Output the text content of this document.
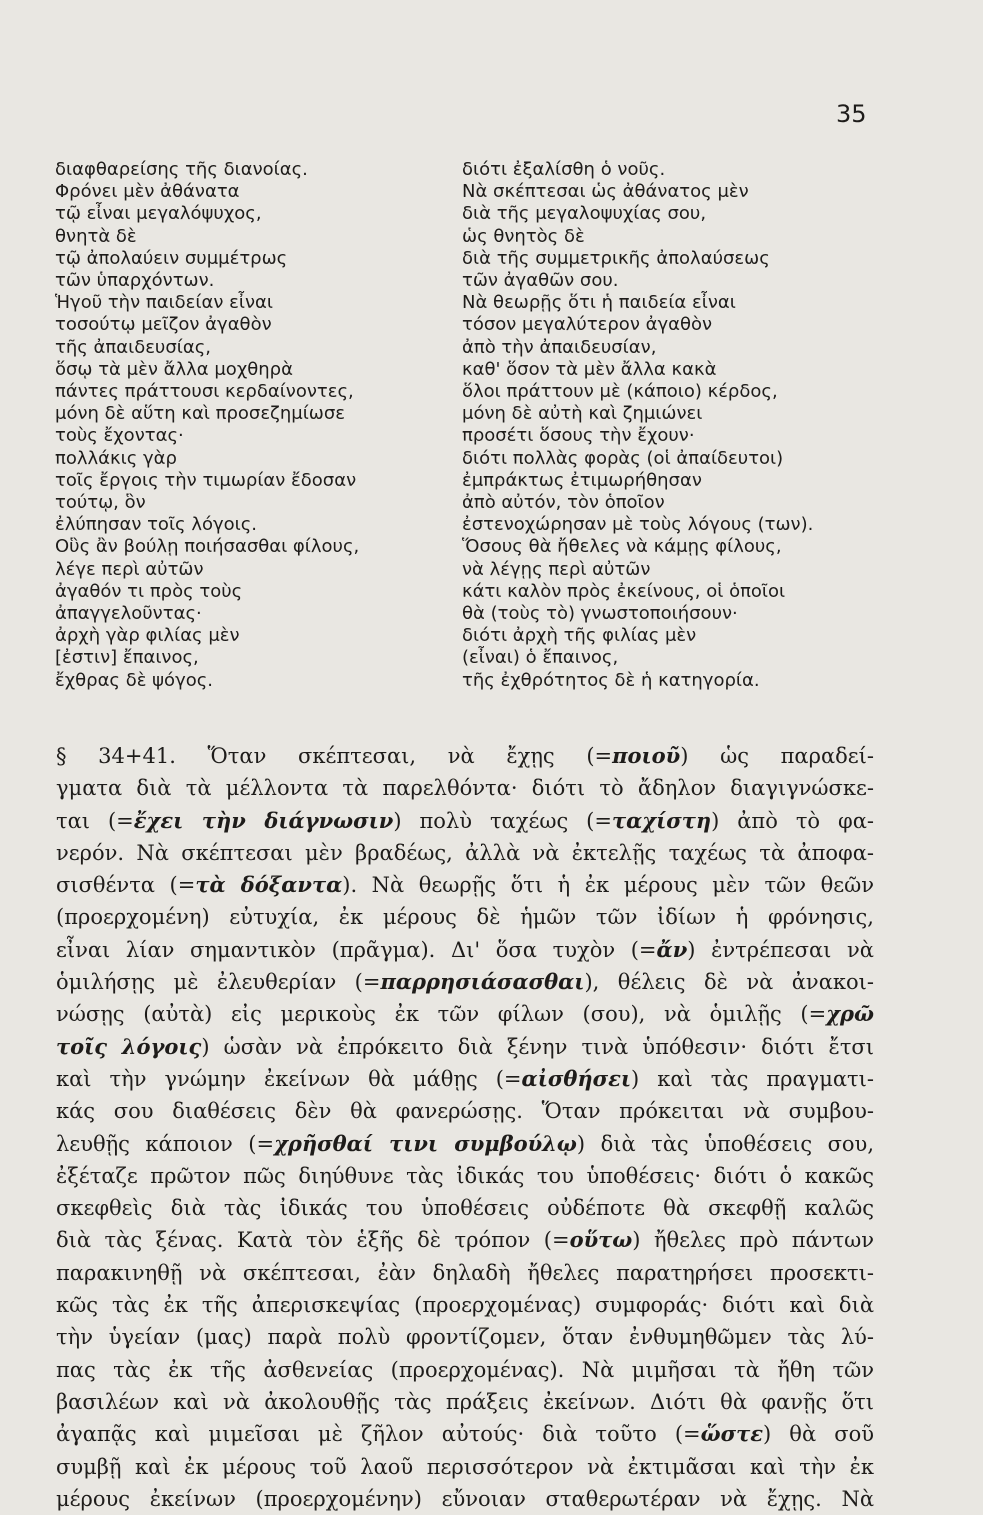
35
διαφθαρείσης τῆς διανοίας.
Φρόνει μὲν ἀθάνατα
τῷ εἶναι μεγαλόψυχος,
θνητὰ δὲ
τῷ ἀπολαύειν συμμέτρως
τῶν ὑπαρχόντων.
Ἡγοῦ τὴν παιδείαν εἶναι
τοσούτῳ μεῖζον ἀγαθὸν
τῆς ἀπαιδευσίας,
ὅσῳ τὰ μὲν ἄλλα μοχθηρὰ
πάντες πράττουσι κερδαίνοντες,
μόνη δὲ αὕτη καὶ προσεζημίωσε
τοὺς ἔχοντας·
πολλάκις γὰρ
τοῖς ἔργοις τὴν τιμωρίαν ἔδοσαν
τούτῳ, ὃν
ἐλύπησαν τοῖς λόγοις.
Οὓς ἂν βούλῃ ποιήσασθαι φίλους,
λέγε περὶ αὐτῶν
ἀγαθόν τι πρὸς τοὺς
ἀπαγγελοῦντας·
ἀρχὴ γὰρ φιλίας μὲν
[ἐστιν] ἔπαινος,
ἔχθρας δὲ ψόγος.
διότι ἐξαλίσθη ὁ νοῦς.
Νὰ σκέπτεσαι ὡς ἀθάνατος μὲν
διὰ τῆς μεγαλοψυχίας σου,
ὡς θνητὸς δὲ
διὰ τῆς συμμετρικῆς ἀπολαύσεως
τῶν ἀγαθῶν σου.
Νὰ θεωρῇς ὅτι ἡ παιδεία εἶναι
τόσον μεγαλύτερον ἀγαθὸν
ἀπὸ τὴν ἀπαιδευσίαν,
καθ' ὅσον τὰ μὲν ἄλλα κακὰ
ὅλοι πράττουν μὲ (κάποιο) κέρδος,
μόνη δὲ αὐτὴ καὶ ζημιώνει
προσέτι ὅσους τὴν ἔχουν·
διότι πολλὰς φορὰς (οἱ ἀπαίδευτοι)
ἐμπράκτως ἐτιμωρήθησαν
ἀπὸ αὐτόν, τὸν ὁποῖον
ἐστενοχώρησαν μὲ τοὺς λόγους (των).
Ὅσους θὰ ἤθελες νὰ κάμῃς φίλους,
νὰ λέγῃς περὶ αὐτῶν
κάτι καλὸν πρὸς ἐκείνους, οἱ ὁποῖοι
θὰ (τοὺς τὸ) γνωστοποιήσουν·
διότι ἀρχὴ τῆς φιλίας μὲν
(εἶναι) ὁ ἔπαινος,
τῆς ἐχθρότητος δὲ ἡ κατηγορία.
§ 34+41. Ὅταν σκέπτεσαι, νὰ ἔχῃς (=ποιοῦ) ὡς παραδεί-
γματα διὰ τὰ μέλλοντα τὰ παρελθόντα· διότι τὸ ἄδηλον διαγιγνώσκε-
ται (=ἔχει τὴν διάγνωσιν) πολὺ ταχέως (=ταχίστη) ἀπὸ τὸ φα-
νερόν. Νὰ σκέπτεσαι μὲν βραδέως, ἀλλὰ νὰ ἐκτελῇς ταχέως τὰ ἀποφα-
σισθέντα (=τὰ δόξαντα). Νὰ θεωρῇς ὅτι ἡ ἐκ μέρους μὲν τῶν θεῶν
(προερχομένη) εὐτυχία, ἐκ μέρους δὲ ἡμῶν τῶν ἰδίων ἡ φρόνησις,
εἶναι λίαν σημαντικὸν (πρᾶγμα). Δι' ὅσα τυχὸν (=ἄν) ἐντρέπεσαι νὰ
ὁμιλήσῃς μὲ ἐλευθερίαν (=παρρησιάσασθαι), θέλεις δὲ νὰ ἀνακοι-
νώσῃς (αὐτὰ) εἰς μερικοὺς ἐκ τῶν φίλων (σου), νὰ ὁμιλῇς (=χρῶ
τοῖς λόγοις) ὡσὰν νὰ ἐπρόκειτο διὰ ξένην τινὰ ὑπόθεσιν· διότι ἔτσι
καὶ τὴν γνώμην ἐκείνων θὰ μάθῃς (=αἰσθήσει) καὶ τὰς πραγματι-
κάς σου διαθέσεις δὲν θὰ φανερώσῃς. Ὅταν πρόκειται νὰ συμβου-
λευθῇς κάποιον (=χρῆσθαί τινι συμβούλῳ) διὰ τὰς ὑποθέσεις σου,
ἐξέταζε πρῶτον πῶς διηύθυνε τὰς ἰδικάς του ὑποθέσεις· διότι ὁ κακῶς
σκεφθεὶς διὰ τὰς ἰδικάς του ὑποθέσεις οὐδέποτε θὰ σκεφθῇ καλῶς
διὰ τὰς ξένας. Κατὰ τὸν ἑξῆς δὲ τρόπον (=οὕτω) ἤθελες πρὸ πάντων
παρακινηθῇ νὰ σκέπτεσαι, ἐὰν δηλαδὴ ἤθελες παρατηρήσει προσεκτι-
κῶς τὰς ἐκ τῆς ἀπερισκεψίας (προερχομένας) συμφοράς· διότι καὶ διὰ
τὴν ὑγείαν (μας) παρὰ πολὺ φροντίζομεν, ὅταν ἐνθυμηθῶμεν τὰς λύ-
πας τὰς ἐκ τῆς ἀσθενείας (προερχομένας). Νὰ μιμῆσαι τὰ ἤθη τῶν
βασιλέων καὶ νὰ ἀκολουθῇς τὰς πράξεις ἐκείνων. Διότι θὰ φανῇς ὅτι
ἀγαπᾷς καὶ μιμεῖσαι μὲ ζῆλον αὐτούς· διὰ τοῦτο (=ὥστε) θὰ σοῦ
συμβῇ καὶ ἐκ μέρους τοῦ λαοῦ περισσότερον νὰ ἐκτιμᾶσαι καὶ τὴν ἐκ
μέρους ἐκείνων (προερχομένην) εὔνοιαν σταθερωτέραν νὰ ἔχῃς. Νὰ
